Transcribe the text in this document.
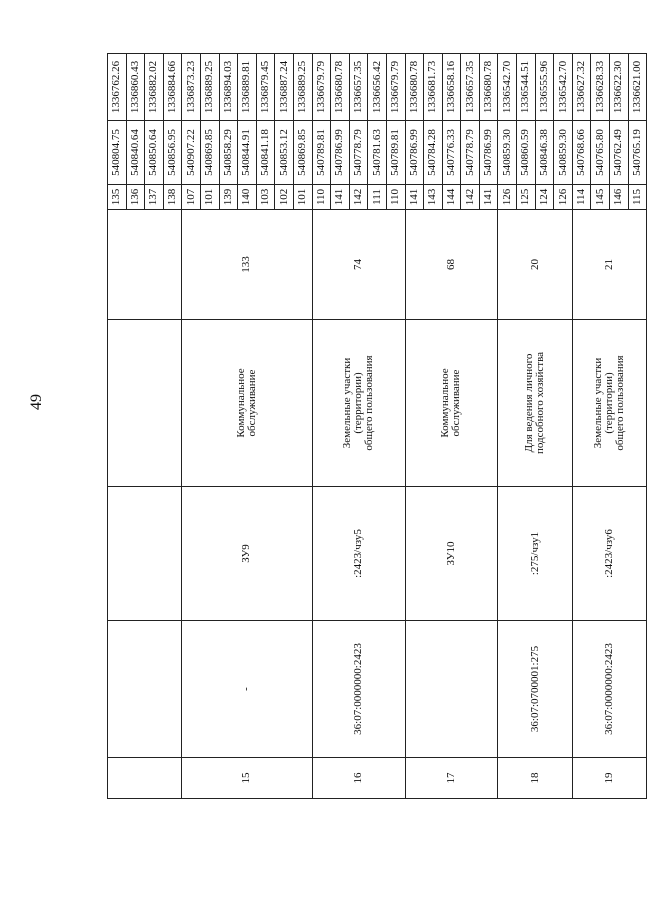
49
					135	540804.75	1336762.26
					136	540840.64	1336860.43
					137	540850.64	1336882.02
					138	540856.95	1336884.66
15	-	ЗУ9	Коммунальное
обслуживание	133	107	540907.22	1336873.23
					101	540869.85	1336889.25
					139	540858.29	1336894.03
					140	540844.91	1336889.81
					103	540841.18	1336879.45
					102	540853.12	1336887.24
					101	540869.85	1336889.25
16	36:07:0000000:2423	:2423/чзу5	Земельные участки
(территории)
общего пользования	74	110	540789.81	1336679.79
					141	540786.99	1336680.78
					142	540778.79	1336657.35
					111	540781.63	1336656.42
					110	540789.81	1336679.79
17		ЗУ10	Коммунальное
обслуживание	68	141	540786.99	1336680.78
					143	540784.28	1336681.73
					144	540776.33	1336658.16
					142	540778.79	1336657.35
					141	540786.99	1336680.78
18	36:07:0700001:275	:275/чзу1	Для ведения личного
подсобного хозяйства	20	126	540859.30	1336542.70
					125	540860.59	1336544.51
					124	540846.38	1336555.96
					126	540859.30	1336542.70
19	36:07:0000000:2423	:2423/чзу6	Земельные участки
(территории)
общего пользования	21	114	540768.66	1336627.32
					145	540765.80	1336628.33
					146	540762.49	1336622.30
					115	540765.19	1336621.00
